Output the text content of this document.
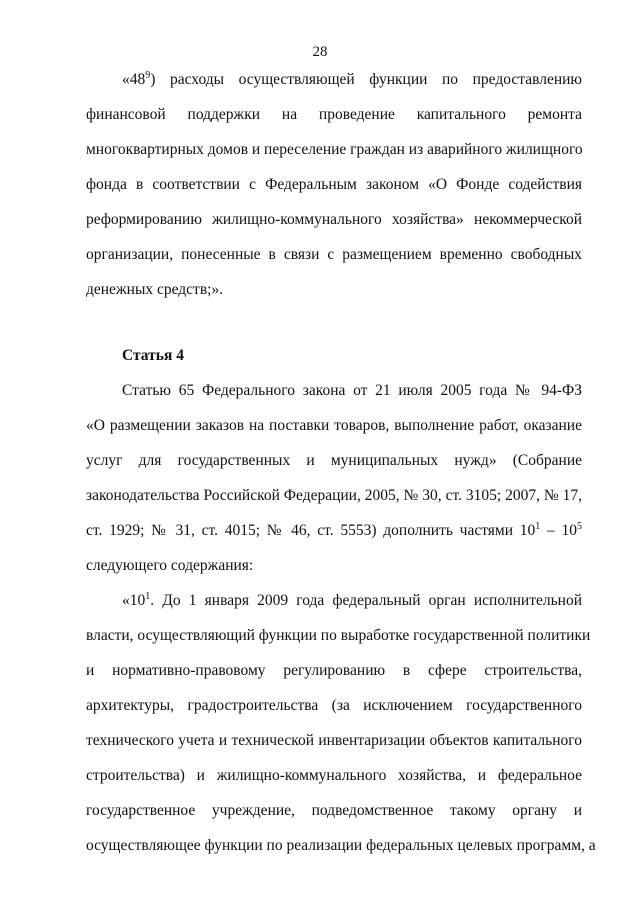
28
«$48^9$) расходы осуществляющей функции по предоставлению
финансовой поддержки на проведение капитального ремонта
многоквартирных домов и переселение граждан из аварийного жилищного
фонда в соответствии с Федеральным законом «О Фонде содействия
реформированию жилищно-коммунального хозяйства» некоммерческой
организации, понесенные в связи с размещением временно свободных
денежных средств;».
Статья 4
Статью 65 Федерального закона от 21 июля 2005 года № 94-ФЗ
«О размещении заказов на поставки товаров, выполнение работ, оказание
услуг для государственных и муниципальных нужд» (Собрание
законодательства Российской Федерации, 2005, № 30, ст. 3105; 2007, № 17,
ст. 1929; № 31, ст. 4015; № 46, ст. 5553) дополнить частями $10^1 - 10^5$
следующего содержания:
«$10^1$. До 1 января 2009 года федеральный орган исполнительной
власти, осуществляющий функции по выработке государственной политики
и нормативно-правовому регулированию в сфере строительства,
архитектуры, градостроительства (за исключением государственного
технического учета и технической инвентаризации объектов капитального
строительства) и жилищно-коммунального хозяйства, и федеральное
государственное учреждение, подведомственное такому органу и
осуществляющее функции по реализации федеральных целевых программ, а
